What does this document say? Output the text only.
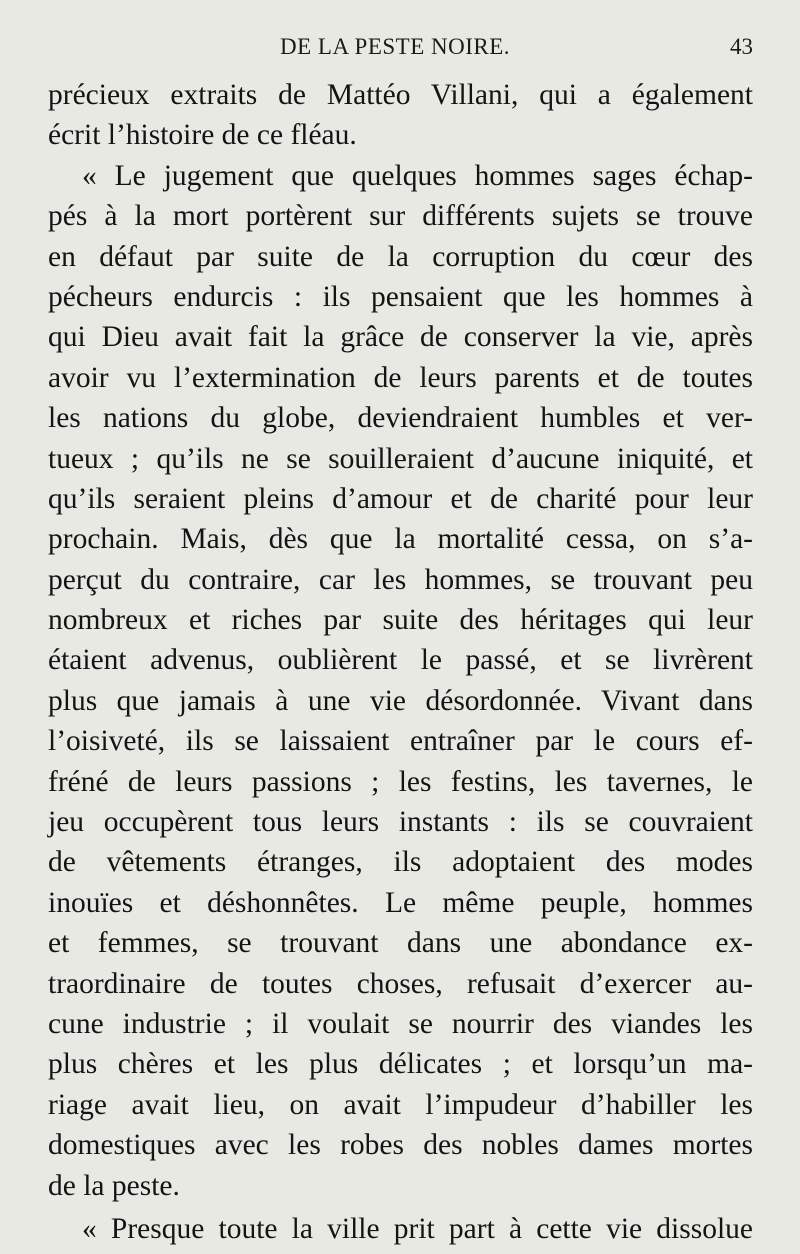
DE LA PESTE NOIRE.	43
précieux extraits de Mattéo Villani, qui a également
écrit l’histoire de ce fléau.
« Le jugement que quelques hommes sages échap-
pés à la mort portèrent sur différents sujets se trouve
en défaut par suite de la corruption du cœur des
pécheurs endurcis : ils pensaient que les hommes à
qui Dieu avait fait la grâce de conserver la vie, après
avoir vu l’extermination de leurs parents et de toutes
les nations du globe, deviendraient humbles et ver-
tueux ; qu’ils ne se souilleraient d’aucune iniquité, et
qu’ils seraient pleins d’amour et de charité pour leur
prochain. Mais, dès que la mortalité cessa, on s’a-
perçut du contraire, car les hommes, se trouvant peu
nombreux et riches par suite des héritages qui leur
étaient advenus, oublièrent le passé, et se livrèrent
plus que jamais à une vie désordonnée. Vivant dans
l’oisiveté, ils se laissaient entraîner par le cours ef-
fréné de leurs passions ; les festins, les tavernes, le
jeu occupèrent tous leurs instants : ils se couvraient
de vêtements étranges, ils adoptaient des modes
inouïes et déshonnêtes. Le même peuple, hommes
et femmes, se trouvant dans une abondance ex-
traordinaire de toutes choses, refusait d’exercer au-
cune industrie ; il voulait se nourrir des viandes les
plus chères et les plus délicates ; et lorsqu’un ma-
riage avait lieu, on avait l’impudeur d’habiller les
domestiques avec les robes des nobles dames mortes
de la peste.
« Presque toute la ville prit part à cette vie dissolue
